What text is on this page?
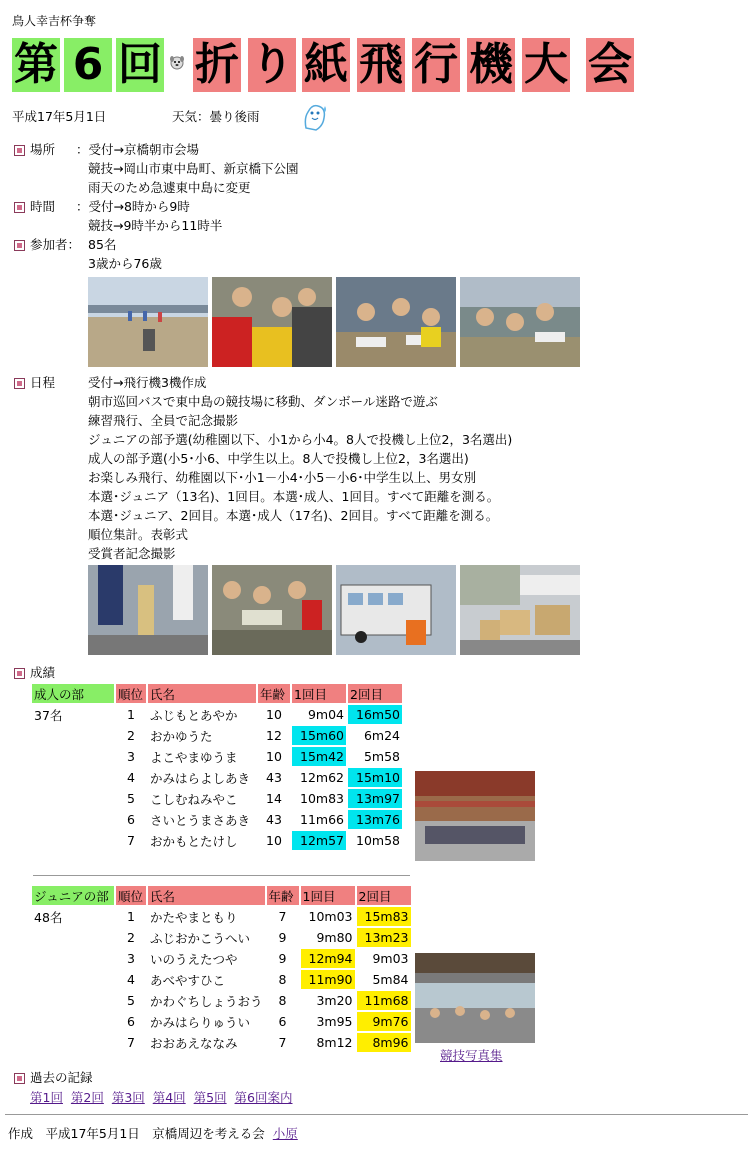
鳥人幸吉杯争奪
第 6 回 折 り 紙 飛 行 機 大 会
平成17年5月1日	天気：曇り後雨
場所 ：受付→京橋朝市会場
競技→岡山市東中島町、新京橋下公園
雨天のため急遽東中島に変更
時間 ：受付→8時から9時
競技→9時半から11時半
参加者： 85名
3歳から76歳
日程	受付→飛行機3機作成
朝市巡回バスで東中島の競技場に移動、ダンボール迷路で遊ぶ
練習飛行、全員で記念撮影
ジュニアの部予選(幼稚園以下、小1から小4。8人で投機し上位2，3名選出)
成人の部予選(小5･小6、中学生以上。8人で投機し上位2，3名選出)
お楽しみ飛行、幼稚園以下･小1－小4･小5－小6･中学生以上、男女別
本選･ジュニア（13名)、1回目。本選･成人、1回目。すべて距離を測る。
本選･ジュニア、2回目。本選･成人（17名)、2回目。すべて距離を測る。
順位集計。表彰式
受賞者記念撮影
成績
成人の部	順位	氏名	年齢	1回目	2回目
37名	1	ふじもとあやか	10	9m04	16m50
	2	おかゆうた	12	15m60	6m24
	3	よこやまゆうま	10	15m42	5m58
	4	かみはらよしあき	43	12m62	15m10
	5	こしむねみやこ	14	10m83	13m97
	6	さいとうまさあき	43	11m66	13m76
	7	おかもとたけし	10	12m57	10m58
ジュニアの部	順位	氏名	年齢	1回目	2回目
48名	1	かたやまともり	7	10m03	15m83
	2	ふじおかこうへい	9	9m80	13m23
	3	いのうえたつや	9	12m94	9m03
	4	あべやすひこ	8	11m90	5m84
	5	かわぐちしょうおう	8	3m20	11m68
	6	かみはらりゅうい	6	3m95	9m76
	7	おおあえななみ	7	8m12	8m96
競技写真集
過去の記録
第1回 第2回 第3回 第4回 第5回 第6回案内
作成　平成17年5月1日　京橋周辺を考える会 小原
